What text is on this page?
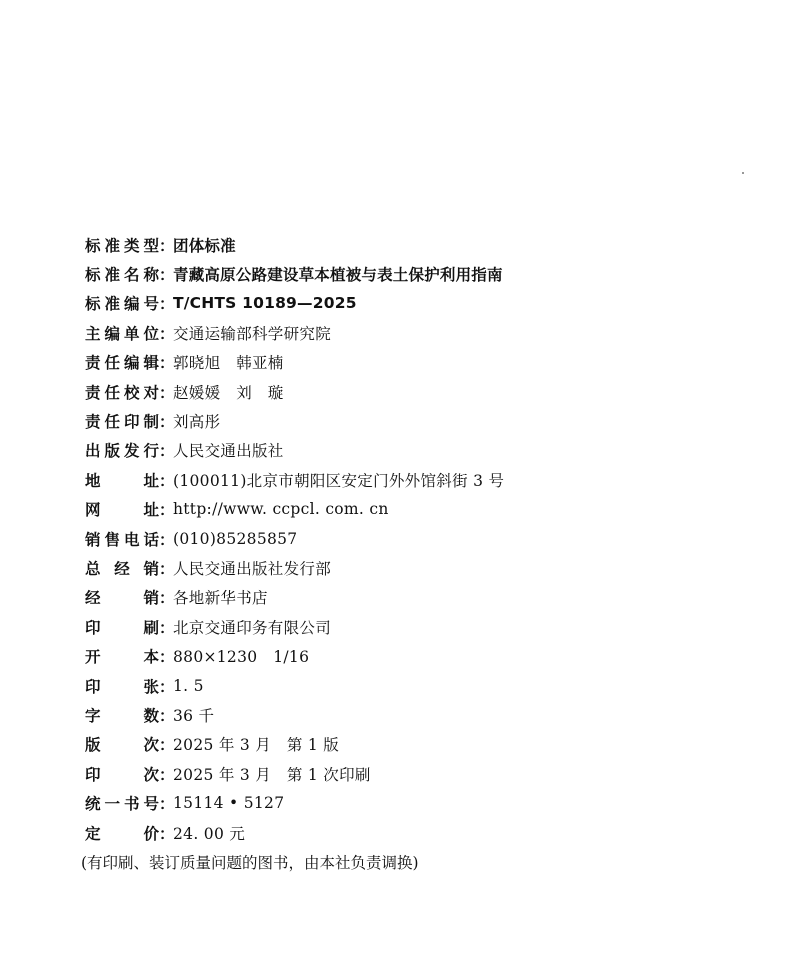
标准类型 ：
团体标准
标准名称 ：
青藏高原公路建设草本植被与表土保护利用指南
标准编号 ：
T/CHTS 10189—2025
主编单位 ：
交通运输部科学研究院
责任编辑 ：
郭晓旭　韩亚楠
责任校对 ：
赵媛媛　刘　璇
责任印制 ：
刘高彤
出版发行 ：
人民交通出版社
地址 ：
(100011)北京市朝阳区安定门外外馆斜街 3 号
网址 ：
http://www. ccpcl. com. cn
销售电话 ：
(010)85285857
总经销 ：
人民交通出版社发行部
经销 ：
各地新华书店
印刷 ：
北京交通印务有限公司
开本 ：
880×1230　1/16
印张 ：
1. 5
字数 ：
36 千
版次 ：
2025 年 3 月　第 1 版
印次 ：
2025 年 3 月　第 1 次印刷
统一书号 ：
15114 • 5127
定价 ：
24. 00 元
(有印刷、装订质量问题的图书，由本社负责调换)
